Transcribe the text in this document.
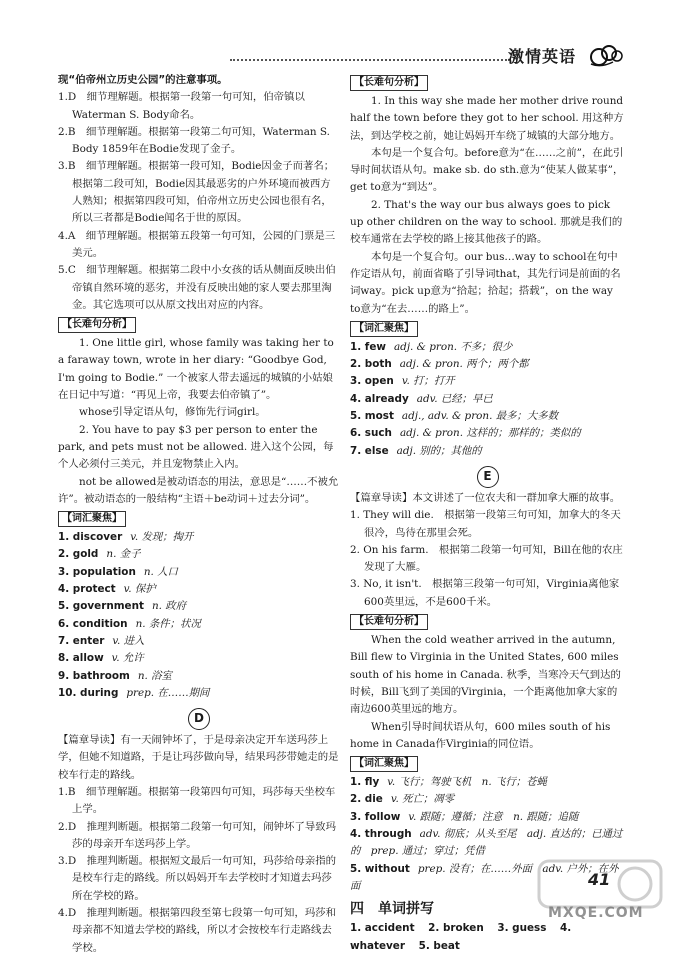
激情英语

现“伯帝州立历史公园”的注意事项。

1.D　细节理解题。根据第一段第一句可知，伯帝镇以Waterman S. Body命名。

2.B　细节理解题。根据第一段第二句可知，Waterman S. Body 1859年在Bodie发现了金子。

3.B　细节理解题。根据第一段可知，Bodie因金子而著名；根据第二段可知，Bodie因其最恶劣的户外环境而被西方人熟知；根据第四段可知，伯帝州立历史公园也很有名，所以三者都是Bodie闻名于世的原因。

4.A　细节理解题。根据第五段第一句可知，公园的门票是三美元。

5.C　细节理解题。根据第二段中小女孩的话从侧面反映出伯帝镇自然环境的恶劣，并没有反映出她的家人要去那里淘金。其它选项可以从原文找出对应的内容。

【长难句分析】

1. One little girl, whose family was taking her to a faraway town, wrote in her diary: “Goodbye God, I'm going to Bodie.” 一个被家人带去遥远的城镇的小姑娘在日记中写道：“再见上帝，我要去伯帝镇了”。

whose引导定语从句，修饰先行词girl。

2. You have to pay $3 per person to enter the park, and pets must not be allowed. 进入这个公园，每个人必须付三美元，并且宠物禁止入内。

not be allowed是被动语态的用法，意思是“……不被允许”。被动语态的一般结构“主语＋be动词＋过去分词”。

【词汇聚焦】

1. discover v. 发现；掏开

2. gold n. 金子

3. population n. 人口

4. protect v. 保护

5. government n. 政府

6. condition n. 条件；状况

7. enter v. 进入

8. allow v. 允许

9. bathroom n. 浴室

10. during prep. 在……期间

D

【篇章导读】有一天闹钟坏了，于是母亲决定开车送玛莎上学，但她不知道路，于是让玛莎做向导，结果玛莎带她走的是校车行走的路线。

1.B　细节理解题。根据第一段第四句可知，玛莎每天坐校车上学。

2.D　推理判断题。根据第二段第一句可知，闹钟坏了导致玛莎的母亲开车送玛莎上学。

3.D　推理判断题。根据短文最后一句可知，玛莎给母亲指的是校车行走的路线。所以妈妈开车去学校时才知道去玛莎所在学校的路。

4.D　推理判断题。根据第四段至第七段第一句可知，玛莎和母亲都不知道去学校的路线，所以才会按校车行走路线去学校。

【长难句分析】

1. In this way she made her mother drive round half the town before they got to her school. 用这种方法，到达学校之前，她让妈妈开车绕了城镇的大部分地方。

本句是一个复合句。before意为“在……之前”，在此引导时间状语从句。make sb. do sth.意为“使某人做某事”，get to意为“到达”。

2. That's the way our bus always goes to pick up other children on the way to school. 那就是我们的校车通常在去学校的路上接其他孩子的路。

本句是一个复合句。our bus…way to school在句中作定语从句，前面省略了引导词that，其先行词是前面的名词way。pick up意为“拾起；拾起；搭载”，on the way to意为“在去……的路上”。

【词汇聚焦】

1. few adj. & pron. 不多；很少

2. both adj. & pron. 两个；两个都

3. open v. 打；打开

4. already adv. 已经；早已

5. most adj., adv. & pron. 最多；大多数

6. such adj. & pron. 这样的；那样的；类似的

7. else adj. 别的；其他的

E

【篇章导读】本文讲述了一位农夫和一群加拿大雁的故事。

1. They will die.　根据第一段第三句可知，加拿大的冬天很冷，鸟待在那里会死。

2. On his farm.　根据第二段第一句可知，Bill在他的农庄发现了大雁。

3. No, it isn't.　根据第三段第一句可知，Virginia离他家600英里远，不是600千米。

【长难句分析】

When the cold weather arrived in the autumn, Bill flew to Virginia in the United States, 600 miles south of his home in Canada. 秋季，当寒冷天气到达的时候，Bill飞到了美国的Virginia，一个距离他加拿大家的南边600英里远的地方。

When引导时间状语从句，600 miles south of his home in Canada作Virginia的同位语。

【词汇聚焦】

1. fly v. 飞行；驾驶飞机　n. 飞行；苍蝇

2. die v. 死亡；凋零

3. follow v. 跟随；遵循；注意　n. 跟随；追随

4. through adv. 彻底；从头至尾　adj. 直达的；已通过的　prep. 通过；穿过；凭借

5. without prep. 没有；在……外面　adv. 户外；在外面

四　单词拼写
1. accident 2. broken 3. guess 4. whatever 5. beat
41
MXQE.COM
